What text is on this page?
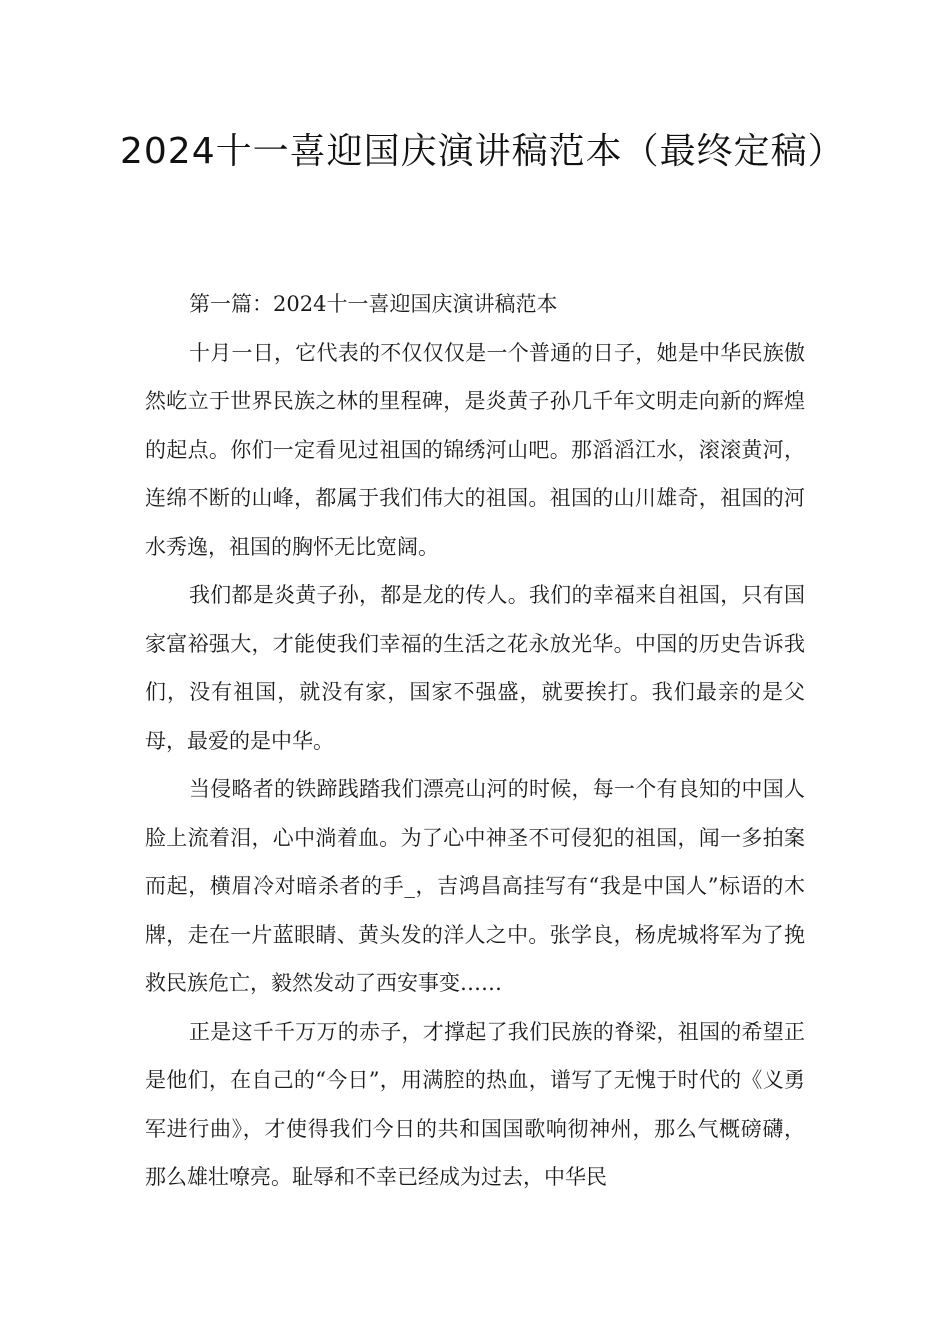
2024十一喜迎国庆演讲稿范本（最终定稿）

第一篇：2024十一喜迎国庆演讲稿范本

十月一日，它代表的不仅仅仅是一个普通的日子，她是中华民族傲然屹立于世界民族之林的里程碑，是炎黄子孙几千年文明走向新的辉煌的起点。你们一定看见过祖国的锦绣河山吧。那滔滔江水，滚滚黄河，连绵不断的山峰，都属于我们伟大的祖国。祖国的山川雄奇，祖国的河水秀逸，祖国的胸怀无比宽阔。

我们都是炎黄子孙，都是龙的传人。我们的幸福来自祖国，只有国家富裕强大，才能使我们幸福的生活之花永放光华。中国的历史告诉我们，没有祖国，就没有家，国家不强盛，就要挨打。我们最亲的是父母，最爱的是中华。

当侵略者的铁蹄践踏我们漂亮山河的时候，每一个有良知的中国人脸上流着泪，心中淌着血。为了心中神圣不可侵犯的祖国，闻一多拍案而起，横眉冷对暗杀者的手_，吉鸿昌高挂写有“我是中国人”标语的木牌，走在一片蓝眼睛、黄头发的洋人之中。张学良，杨虎城将军为了挽救民族危亡，毅然发动了西安事变……

正是这千千万万的赤子，才撑起了我们民族的脊梁，祖国的希望正是他们，在自己的“今日”，用满腔的热血，谱写了无愧于时代的《义勇军进行曲》，才使得我们今日的共和国国歌响彻神州，那么气概磅礴，那么雄壮嘹亮。耻辱和不幸已经成为过去，中华民
